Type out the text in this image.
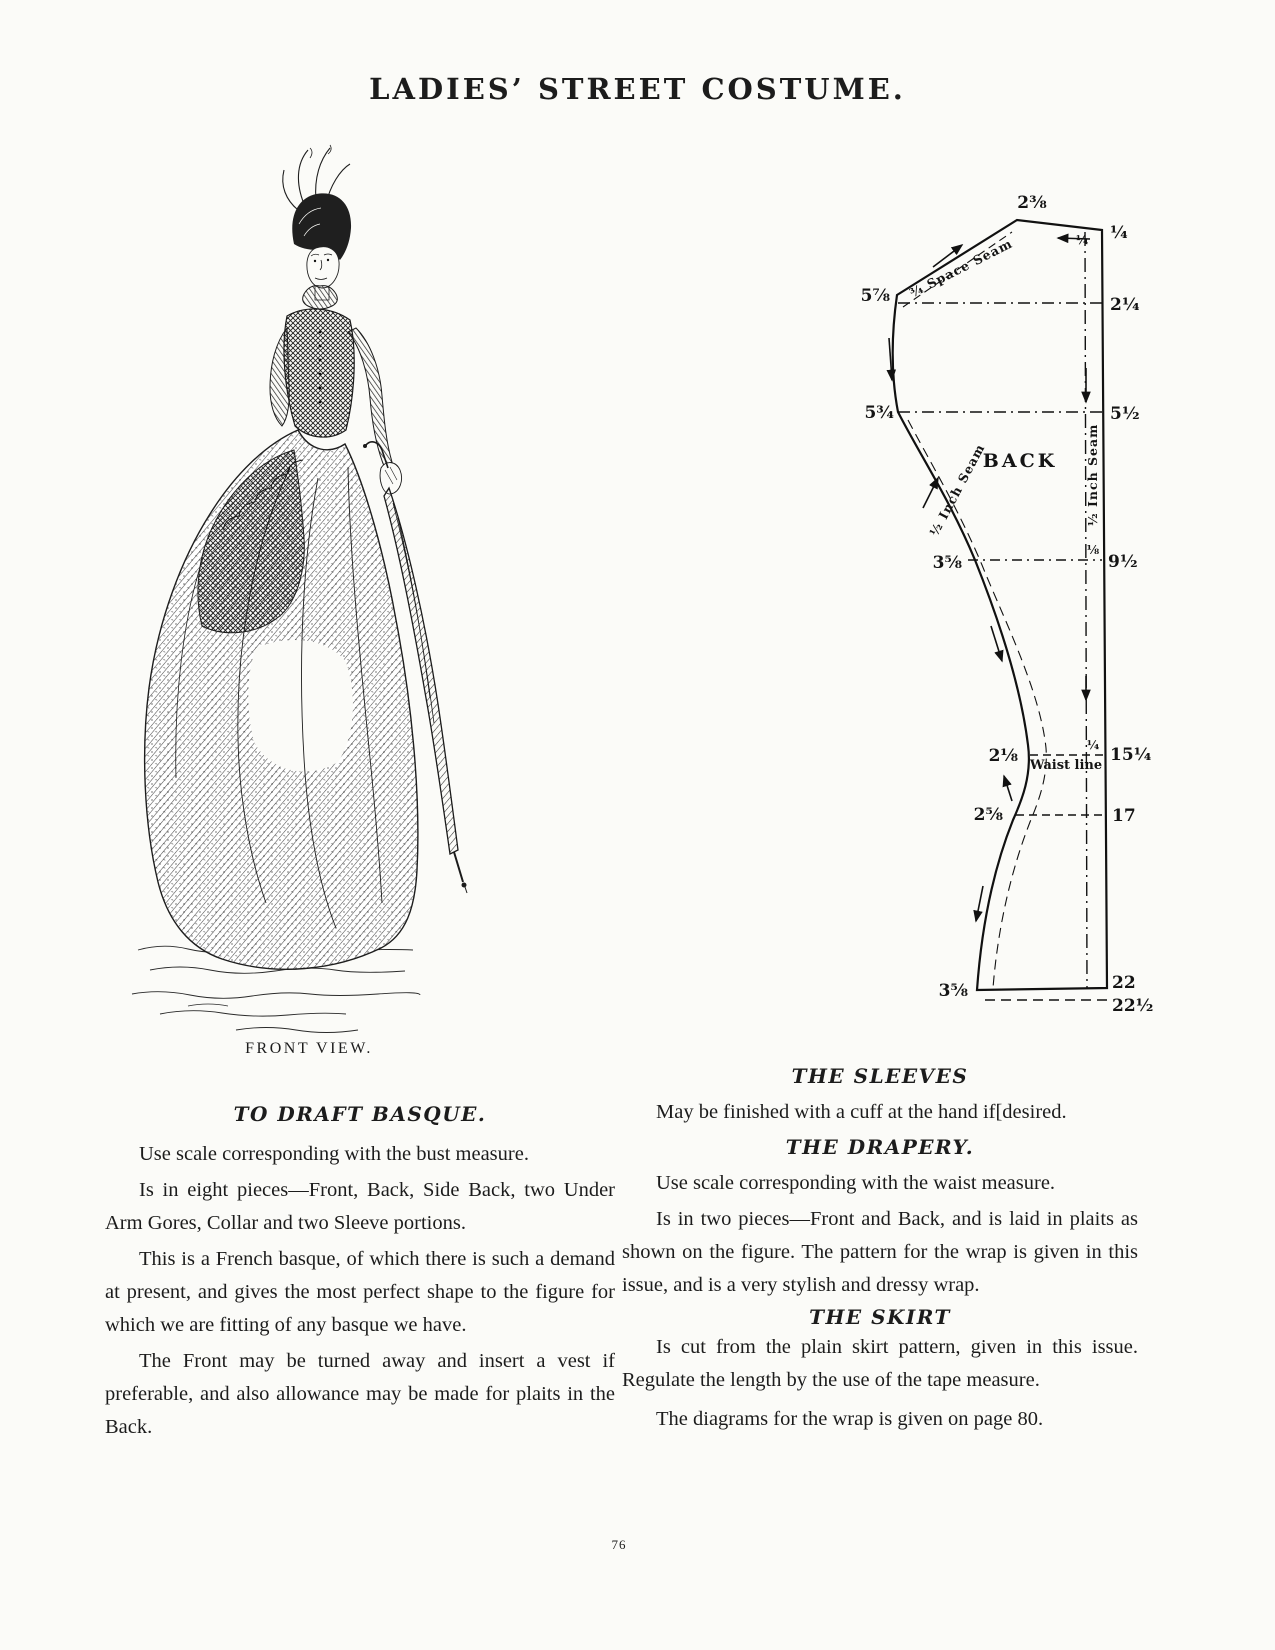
LADIES’ STREET COSTUME.
FRONT VIEW.
2⅜
¼ ¼
2¼
5½
⅛
9½
¼ 15¼
17
22
22½
5⅞
5¾
3⅝
2⅛
2⅝
3⅝
BACK
Waist line
¾ Space Seam
½ Inch Seam	½ Inch Seam
TO DRAFT BASQUE.

Use scale corresponding with the bust measure.

Is in eight pieces—Front, Back, Side Back, two Under Arm Gores, Collar and two Sleeve portions.

This is a French basque, of which there is such a demand at present, and gives the most perfect shape to the figure for which we are fitting of any basque we have.

The Front may be turned away and insert a vest if preferable, and also allowance may be made for plaits in the Back.

THE SLEEVES

May be finished with a cuff at the hand if[desired.

THE DRAPERY.

Use scale corresponding with the waist measure.

Is in two pieces—Front and Back, and is laid in plaits as shown on the figure. The pattern for the wrap is given in this issue, and is a very stylish and dressy wrap.

THE SKIRT

Is cut from the plain skirt pattern, given in this issue. Regulate the length by the use of the tape measure.

The diagrams for the wrap is given on page 80.

76
